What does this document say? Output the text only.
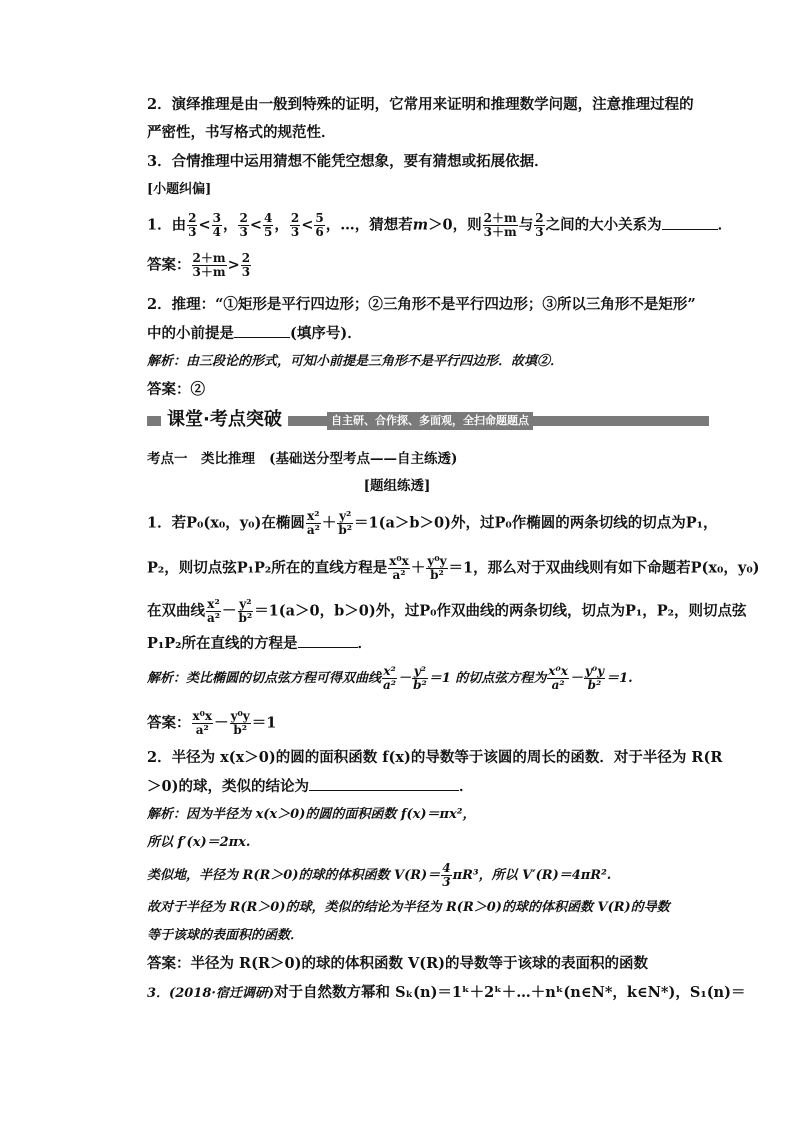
2．演绎推理是由一般到特殊的证明，它常用来证明和推理数学问题，注意推理过程的
严密性，书写格式的规范性．
3．合情推理中运用猜想不能凭空想象，要有猜想或拓展依据．
[小题纠偏]
1．由 $\frac{2}{3} < \frac{3}{4}$ ， $\frac{2}{3} < \frac{4}{5}$ ， $\frac{2}{3} < \frac{5}{6}$ ，…，猜想若m＞0，则 $\frac{2+m}{3+m}$ 与 $\frac{2}{3}$ 之间的大小关系为	．
答案： $\frac{2+m}{3+m} > \frac{2}{3}$
2．推理：“①矩形是平行四边形；②三角形不是平行四边形；③所以三角形不是矩形”
中的小前提是	(填序号)．
解析：由三段论的形式，可知小前提是三角形不是平行四边形．故填②．
答案：②
课堂·考点突破	自主研、合作探、多面观，全扫命题题点
考点一　类比推理 (基础送分型考点——自主练透)
[题组练透]
1．若P₀(x₀，y₀)在椭圆 $\frac{\text{x²}}{\text{a²}} + \frac{\text{y²}}{\text{b²}} =1(a>b>0)$外，过P₀作椭圆的两条切线的切点为P₁，
P₂，则切点弦P₁P₂所在的直线方程是 $\frac{\text{x⁰x}}{\text{a²}} + \frac{\text{y⁰y}}{\text{b²}} =1$，那么对于双曲线则有如下命题若P(x₀，y₀)
在双曲线 $\frac{\text{x²}}{\text{a²}} - \frac{\text{y²}}{\text{b²}} =1(a>0$，b＞0)外，过P₀作双曲线的两条切线，切点为P₁，P₂，则切点弦
P₁P₂所在直线的方程是	．
解析：类比椭圆的切点弦方程可得双曲线 $\frac{\text{x²}}{\text{a²}} - \frac{\text{y²}}{\text{b²}} =1$ 的切点弦方程为 $\frac{\text{x⁰x}}{\text{a²}} - \frac{\text{y⁰y}}{\text{b²}} =1$.
答案： $\frac{\text{x⁰x}}{\text{a²}} - \frac{\text{y⁰y}}{\text{b²}} =1$
2．半径为 x(x＞0)的圆的面积函数 f(x)的导数等于该圆的周长的函数．对于半径为 R(R
＞0)的球，类似的结论为	．
解析：因为半径为 x(x＞0)的圆的面积函数 f(x)＝πx²，
所以 f′(x)＝2πx.
类似地，半径为 R(R＞0)的球的体积函数 $V(R)= \frac{4}{3} \pi R^3$，所以 V′(R)＝4πR².
故对于半径为 R(R＞0)的球，类似的结论为半径为 R(R＞0)的球的体积函数 V(R)的导数
等于该球的表面积的函数．
答案：半径为 R(R＞0)的球的体积函数 V(R)的导数等于该球的表面积的函数
3．(2018·宿迁调研)对于自然数方幂和 Sₖ(n)＝1ᵏ＋2ᵏ＋…＋nᵏ(n∈N*，k∈N*)，S₁(n)＝
